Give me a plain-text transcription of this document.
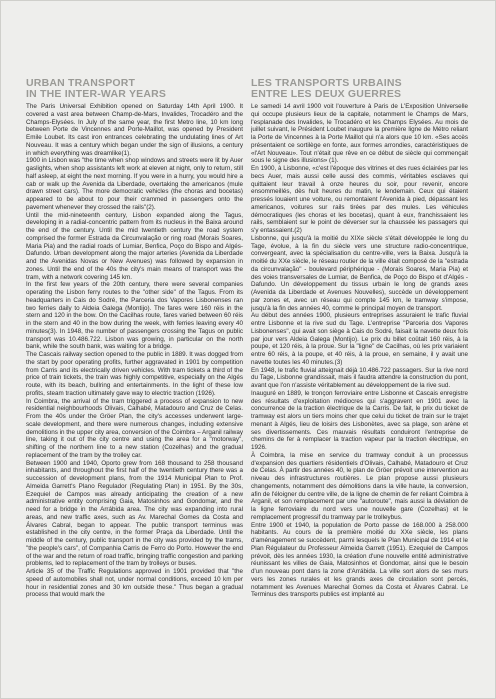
URBAN TRANSPORT
IN THE INTER-WAR YEARS

The Paris Universal Exhibition opened on Saturday 14th April 1900. It covered a vast area between Champ-de-Mars, Invalides, Trocadéro and the Champs-Elysées. In July of the same year, the first Metro line, 10 km long between Porte de Vincennes and Porte-Maillot, was opened by President Emile Loubet. Its cast iron entrances celebrating the undulating lines of Art Nouveau. It was a century which began under the sign of illusions, a century in which everything was dreamlike(1).

1900 in Lisbon was "the time when shop windows and streets were lit by Auer gaslights, when shop assistants left work at eleven at night, only to return, still half asleep, at eight the next morning. If you were in a hurry, you would hire a cab or walk up the Avenida da Liberdade, overtaking the americanos (mule drawn street cars). The more democratic vehicles (the choras and bocetas) appeared to be about to pour their crammed in passengers onto the pavement whenever they crossed the rails"(2).

Until the mid-nineteenth century, Lisbon expanded along the Tagus, developing in a radial-concentric pattern from its nucleus in the Baixa around the end of the century. Until the mid twentieth century the road system comprised the former Estrada da Circunvalação or ring road (Morais Soares, Maria Pia) and the radial roads of Lumiar, Benfica, Poço do Bispo and Algés-Dafundo. Urban development along the major arteries (Avenida da Liberdade and the Avenidas Novas or New Avenues) was followed by expansion in zones. Until the end of the 40s the city's main means of transport was the tram, with a network covering 145 km.

In the first few years of the 20th century, there were several companies operating the Lisbon ferry routes to the "other side" of the Tagus. From its headquarters in Cais do Sodré, the Parceria dos Vapores Lisbonenses ran two ferries daily to Aldeia Galega (Montijo). The fares were 160 réis in the stern and 120 in the bow. On the Cacilhas route, fares varied between 60 réis in the stern and 40 in the bow during the week, with ferries leaving every 40 minutes(3). In 1948, the number of passengers crossing the Tagus on public transport was 10.486.722. Lisbon was growing, in particular on the north bank, while the south bank, was waiting for a bridge.

The Cascais railway section opened to the public in 1889. It was dogged from the start by poor operating profits, further aggravated in 1901 by competition from Carris and its electrically driven vehicles. With tram tickets a third of the price of train tickets, the train was highly competitive, especially on the Algés route, with its beach, bullring and entertainments. In the light of these low profits, steam traction ultimately gave way to electric traction (1926).

In Coimbra, the arrival of the tram triggered a process of expansion to new residential neighbourhoods Olivais, Calhabé, Matadouro and Cruz de Celas. From the 40s under the Gröer Plan, the city's accesses underwent large-scale development, and there were numerous changes, including extensive demolitions in the upper city area, conversion of the Coimbra – Arganil railway line, taking it out of the city centre and using the area for a "motorway", shifting of the northern line to a new station (Cozelhas) and the gradual replacement of the tram by the trolley car.

Between 1900 and 1940, Oporto grew from 168 thousand to 258 thousand inhabitants, and throughout the first half of the twentieth century there was a succession of development plans, from the 1914 Municipal Plan to Prof. Almeida Garrett's Plano Regulador (Regulating Plan) in 1951. By the 30s, Ezequiel de Campos was already anticipating the creation of a new administrative entity comprising Gaia, Matosinhos and Gondomar, and the need for a bridge in the Arrábida area. The city was expanding into rural areas, and new traffic axes, such as Av. Marechal Gomes da Costa and Álvares Cabral, began to appear. The public transport terminus was established in the city centre, in the former Praça da Liberdade. Until the middle of the century, public transport in the city was provided by the trams, "the people's cars", of Companhia Carris de Ferro do Porto. However the end of the war and the return of road traffic, bringing traffic congestion and parking problems, led to replacement of the tram by trolleys or buses.

Article 35 of the Traffic Regulations approved in 1901 provided that "the speed of automobiles shall not, under normal conditions, exceed 10 km per hour in residential zones and 30 km outside these." Thus began a gradual process that would mark the

LES TRANSPORTS URBAINS
ENTRE LES DEUX GUERRES

Le samedi 14 avril 1900 voit l'ouverture à Paris de L'Exposition Universelle qui occupe plusieurs lieux de la capitale, notamment le Champs de Mars, l'esplanade des Invalides, le Trocadéro et les Champs Elysées. Au mois de juillet suivant, le Président Loubet inaugure la première ligne de Métro reliant la Porte de Vincennes à la Porte Maillot qui n'a alors que 10 km. «Ses accès présentaient ce sortilège en fonte, aux formes arrondies, caractéristiques de «l'Art Nouveau». Tout n'était que rêve en ce début de siècle qui commençait sous le signe des illusions» (1).

En 1900, à Lisbonne, «c'est l'époque des vitrines et des rues éclairées par les becs Auer, mais aussi celle aussi des commis, véritables esclaves qui quittaient leur travail à onze heures du soir, pour revenir, encore ensommeillés, dès huit heures du matin, le lendemain. Ceux qui étaient pressés louaient une voiture, ou remontaient l'Avenida à pied, dépassant les americanos, voitures sur rails tirées par des mules. Les véhicules démocratiques (les choras et les bocetas), quant à eux, franchissaient les rails, semblaient sur le point de déverser sur la chaussée les passagers qui s'y entassaient.(2)

Lisbonne, qui jusqu'à la moitié du XIXe siècle s'était développée le long du Tage, évolue, à la fin du siècle vers une structure radio-concentrique, convergeant, avec la spécialisation du centre-ville, vers la Baixa. Jusqu'à la moitié du XXe siècle, le réseau routier de la ville était composé de la "estrada da circunvalação" - boulevard périphérique - (Morais Soares, Maria Pia) et des voies transversales de Lumiar, de Benfica, de Poço do Bispo et d'Algés - Dafundo. Un développement du tissus urbain le long de grands axes (Avenida da Liberdade et Avenues Nouvelles), succède un développement par zones et, avec un réseau qui compte 145 km, le tramway s'impose, jusqu'à la fin des années 40, comme le principal moyen de transport.

Au début des années 1900, plusieurs entreprises assuraient le trafic fluvial entre Lisbonne et la rive sud du Tage. L'entreprise "Parceria dos Vapores Lisbonenses", qui avait son siège à Cais do Sodré, faisait la navette deux fois par jour vers Aldeia Galega (Montijo). Le prix du billet coûtait 160 réis, à la poupe, et 120 réis, à la proue. Sur la "ligne" de Cacilhas, où les prix variaient entre 60 réis, à la poupe, et 40 réis, à la proue, en semaine, il y avait une navette toutes les 40 minutes.(3)

En 1948, le trafic fluvial atteignait déjà 10.486.722 passagers. Sur la rive nord du Tage, Lisbonne grandissait, mais il faudra attendre la construction du pont, avant que l'on n'assiste véritablement au développement de la rive sud.

Inauguré en 1889, le tronçon ferroviaire entre Lisbonne et Cascais enregistre des résultats d'exploitation médiocres qui s'aggravent en 1901 avec la concurrence de la traction électrique de la Carris. De fait, le prix du ticket de tramway est alors un tiers moins cher que celui du ticket de train sur le trajet menant à Algés, lieu de loisirs des Lisbonètes, avec sa plage, son arène et ses divertissements. Ces mauvais résultats conduiront l'entreprise de chemins de fer à remplacer la traction vapeur par la traction électrique, en 1926.

À Coimbra, la mise en service du tramway conduit à un processus d'expansion des quartiers résidentiels d'Olivais, Calhabé, Matadouro et Cruz de Celas. À partir des années 40, le plan de Gröer prévoit une intervention au niveau des infrastructures routières. Le plan propose aussi plusieurs changements, notamment des démolitions dans la ville haute, la conversion, afin de l'éloigner du centre ville, de la ligne de chemin de fer reliant Coimbra à Arganil, et son remplacement par une "autoroute", mais aussi la déviation de la ligne ferroviaire du nord vers une nouvelle gare (Cozelhas) et le remplacement progressif du tramway par le trolleybus.

Entre 1900 et 1940, la population de Porto passe de 168.000 à 258.000 habitants. Au cours de la première moitié du XXe siècle, les plans d'aménagement se succèdent, parmi lesquels le Plan Municipal de 1914 et le Plan Régulateur du Professeur Almeida Garrett (1951). Ezequiel de Campos prévoit, dès les années 1930, la création d'une nouvelle entité administrative réunissant les villes de Gaia, Matosinhos et Gondomar, ainsi que le besoin d'un nouveau pont dans la zone d'Arrábida. La ville sort alors de ses murs vers les zones rurales et les grands axes de circulation sont percés, notamment les Avenues Marechal Gomes da Costa et Álvares Cabral. Le Terminus des transports publics est implanté au
